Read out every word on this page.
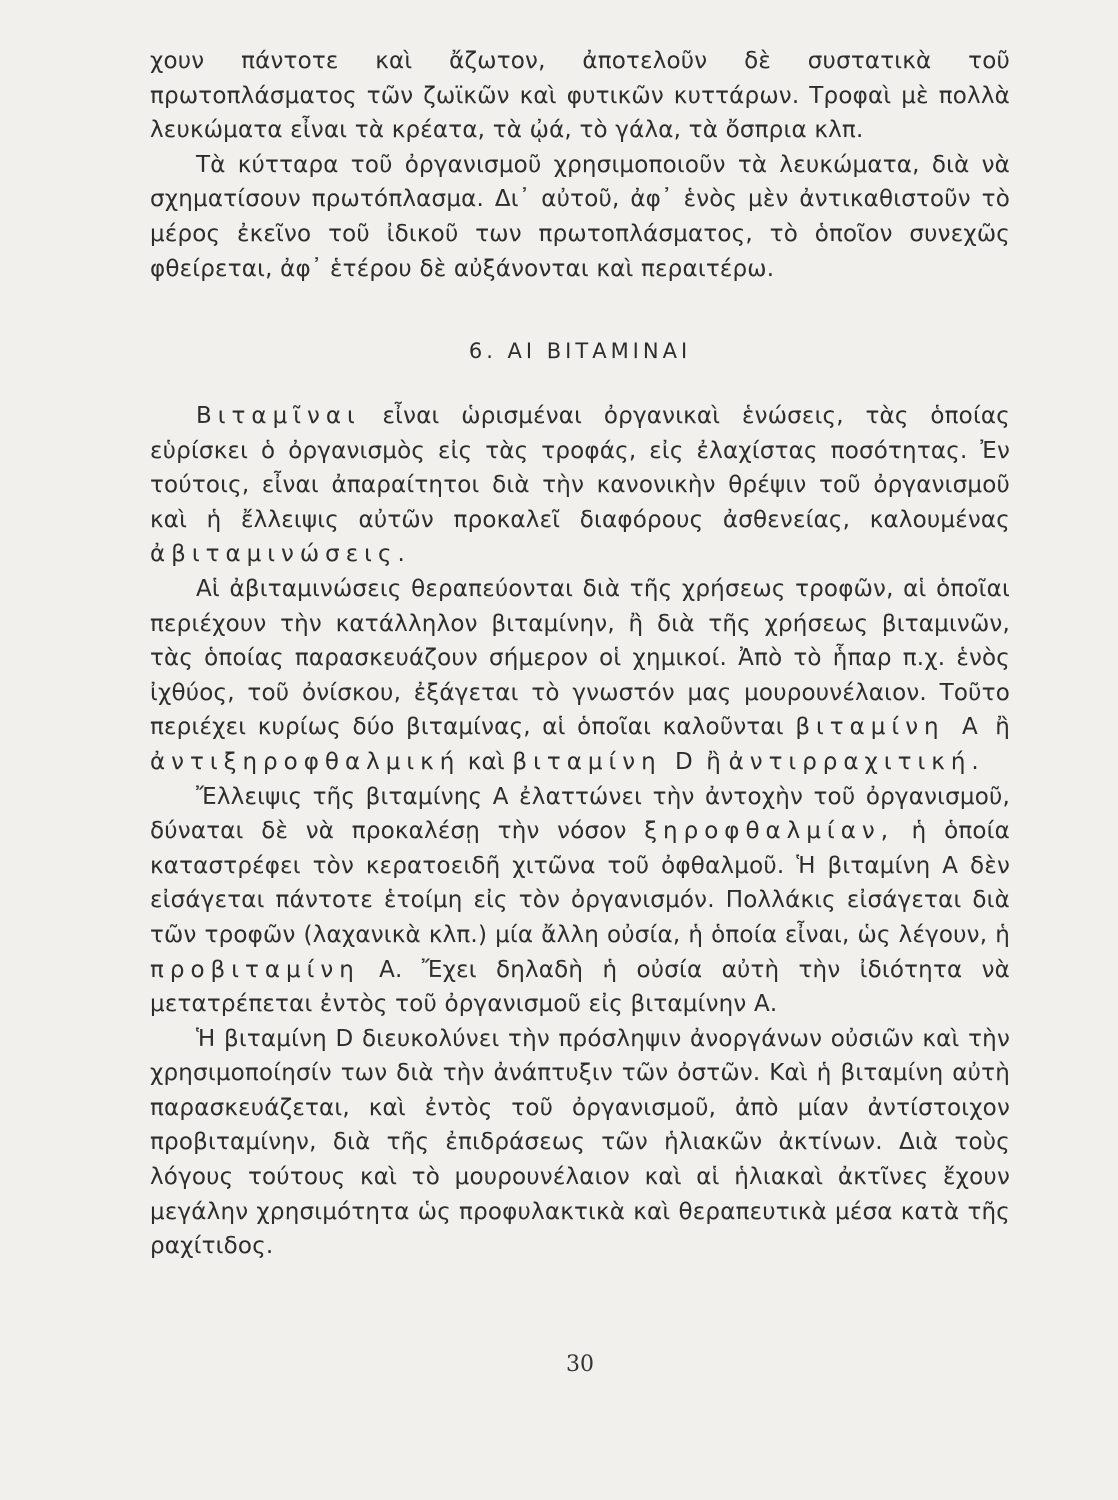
χουν πάντοτε καὶ ἄζωτον, ἀποτελοῦν δὲ συστατικὰ τοῦ πρωτοπλάσματος τῶν ζωϊκῶν καὶ φυτικῶν κυττάρων. Τροφαὶ μὲ πολλὰ λευκώματα εἶναι τὰ κρέατα, τὰ ᾠά, τὸ γάλα, τὰ ὄσπρια κλπ.

Τὰ κύτταρα τοῦ ὀργανισμοῦ χρησιμοποιοῦν τὰ λευκώματα, διὰ νὰ σχηματίσουν πρωτόπλασμα. Δι᾽ αὐτοῦ, ἀφ᾽ ἑνὸς μὲν ἀντικαθιστοῦν τὸ μέρος ἐκεῖνο τοῦ ἰδικοῦ των πρωτοπλάσματος, τὸ ὁποῖον συνεχῶς φθείρεται, ἀφ᾽ ἑτέρου δὲ αὐξάνονται καὶ περαιτέρω.

6. ΑΙ ΒΙΤΑΜΙΝΑΙ

Βιταμῖναι εἶναι ὡρισμέναι ὀργανικαὶ ἑνώσεις, τὰς ὁποίας εὑρίσκει ὁ ὀργανισμὸς εἰς τὰς τροφάς, εἰς ἐλαχίστας ποσότητας. Ἐν τούτοις, εἶναι ἀπαραίτητοι διὰ τὴν κανονικὴν θρέψιν τοῦ ὀργανισμοῦ καὶ ἡ ἔλλειψις αὐτῶν προκαλεῖ διαφόρους ἀσθενείας, καλουμένας ἀβιταμινώσεις.

Αἱ ἀβιταμινώσεις θεραπεύονται διὰ τῆς χρήσεως τροφῶν, αἱ ὁποῖαι περιέχουν τὴν κατάλληλον βιταμίνην, ἢ διὰ τῆς χρήσεως βιταμινῶν, τὰς ὁποίας παρασκευάζουν σήμερον οἱ χημικοί. Ἀπὸ τὸ ἧπαρ π.χ. ἑνὸς ἰχθύος, τοῦ ὀνίσκου, ἐξάγεται τὸ γνωστόν μας μουρουνέλαιον. Τοῦτο περιέχει κυρίως δύο βιταμίνας, αἱ ὁποῖαι καλοῦνται βιταμίνη Α ἢ ἀντιξηροφθαλμική καὶ βιταμίνη D ἢ ἀντιρραχιτική.

Ἔλλειψις τῆς βιταμίνης Α ἐλαττώνει τὴν ἀντοχὴν τοῦ ὀργανισμοῦ, δύναται δὲ νὰ προκαλέσῃ τὴν νόσον ξηροφθαλμίαν, ἡ ὁποία καταστρέφει τὸν κερατοειδῆ χιτῶνα τοῦ ὀφθαλμοῦ. Ἡ βιταμίνη Α δὲν εἰσάγεται πάντοτε ἑτοίμη εἰς τὸν ὀργανισμόν. Πολλάκις εἰσάγεται διὰ τῶν τροφῶν (λαχανικὰ κλπ.) μία ἄλλη οὐσία, ἡ ὁποία εἶναι, ὡς λέγουν, ἡ προβιταμίνη Α. Ἔχει δηλαδὴ ἡ οὐσία αὐτὴ τὴν ἰδιότητα νὰ μετατρέπεται ἐντὸς τοῦ ὀργανισμοῦ εἰς βιταμίνην Α.

Ἡ βιταμίνη D διευκολύνει τὴν πρόσληψιν ἀνοργάνων οὐσιῶν καὶ τὴν χρησιμοποίησίν των διὰ τὴν ἀνάπτυξιν τῶν ὀστῶν. Καὶ ἡ βιταμίνη αὐτὴ παρασκευάζεται, καὶ ἐντὸς τοῦ ὀργανισμοῦ, ἀπὸ μίαν ἀντίστοιχον προβιταμίνην, διὰ τῆς ἐπιδράσεως τῶν ἡλιακῶν ἀκτίνων. Διὰ τοὺς λόγους τούτους καὶ τὸ μουρουνέλαιον καὶ αἱ ἡλιακαὶ ἀκτῖνες ἔχουν μεγάλην χρησιμότητα ὡς προφυλακτικὰ καὶ θεραπευτικὰ μέσα κατὰ τῆς ραχίτιδος.

30
